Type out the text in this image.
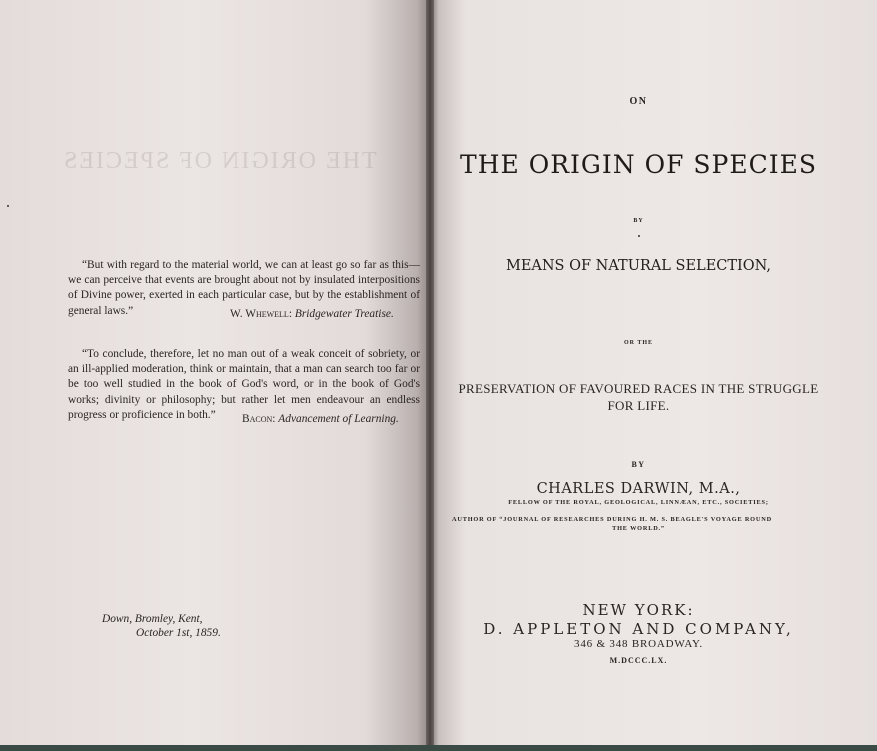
THE ORIGIN OF SPECIES
“But with regard to the material world, we can at least go so far as this—we can perceive that events are brought about not by insulated interpositions of Divine power, exerted in each particular case, but by the establishment of general laws.”	W. Whewell: Bridgewater Treatise.
“To conclude, therefore, let no man out of a weak conceit of sobriety, or an ill-applied moderation, think or maintain, that a man can search too far or be too well studied in the book of God's word, or in the book of God's works; divinity or philosophy; but rather let men endeavour an endless progress or proficience in both.”	Bacon: Advancement of Learning.
Down, Bromley, Kent,
October 1st, 1859.
ON
THE ORIGIN OF SPECIES
BY
MEANS OF NATURAL SELECTION,
OR THE
PRESERVATION OF FAVOURED RACES IN THE STRUGGLE
FOR LIFE.
BY
CHARLES DARWIN, M.A.,
FELLOW OF THE ROYAL, GEOLOGICAL, LINNÆAN, ETC., SOCIETIES;
AUTHOR OF “JOURNAL OF RESEARCHES DURING H. M. S. BEAGLE'S VOYAGE ROUND
THE WORLD.”
NEW YORK:
D. APPLETON AND COMPANY,
346 & 348 BROADWAY.
M.DCCC.LX.
